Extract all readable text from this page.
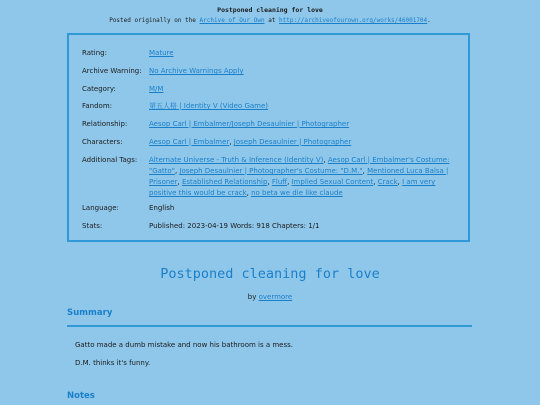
Postponed cleaning for love
Posted originally on the Archive of Our Own at http://archiveofourown.org/works/46001704.
Rating:	Mature
Archive Warning:	No Archive Warnings Apply
Category:	M/M
Fandom:	第五人格 | Identity V (Video Game)
Relationship:	Aesop Carl | Embalmer/Joseph Desaulnier | Photographer
Characters:	Aesop Carl | Embalmer, Joseph Desaulnier | Photographer
Additional Tags:	Alternate Universe - Truth & Inference (Identity V), Aesop Carl | Embalmer's Costume: "Gatto", Joseph Desaulnier | Photographer's Costume: "D.M.", Mentioned Luca Balsa | Prisoner, Established Relationship, Fluff, Implied Sexual Content, Crack, I am very positive this would be crack, no beta we die like claude
Language:	English
Stats:	Published: 2023-04-19 Words: 918 Chapters: 1/1
Postponed cleaning for love
by overmore
Summary
Gatto made a dumb mistake and now his bathroom is a mess.
D.M. thinks it's funny.
Notes
